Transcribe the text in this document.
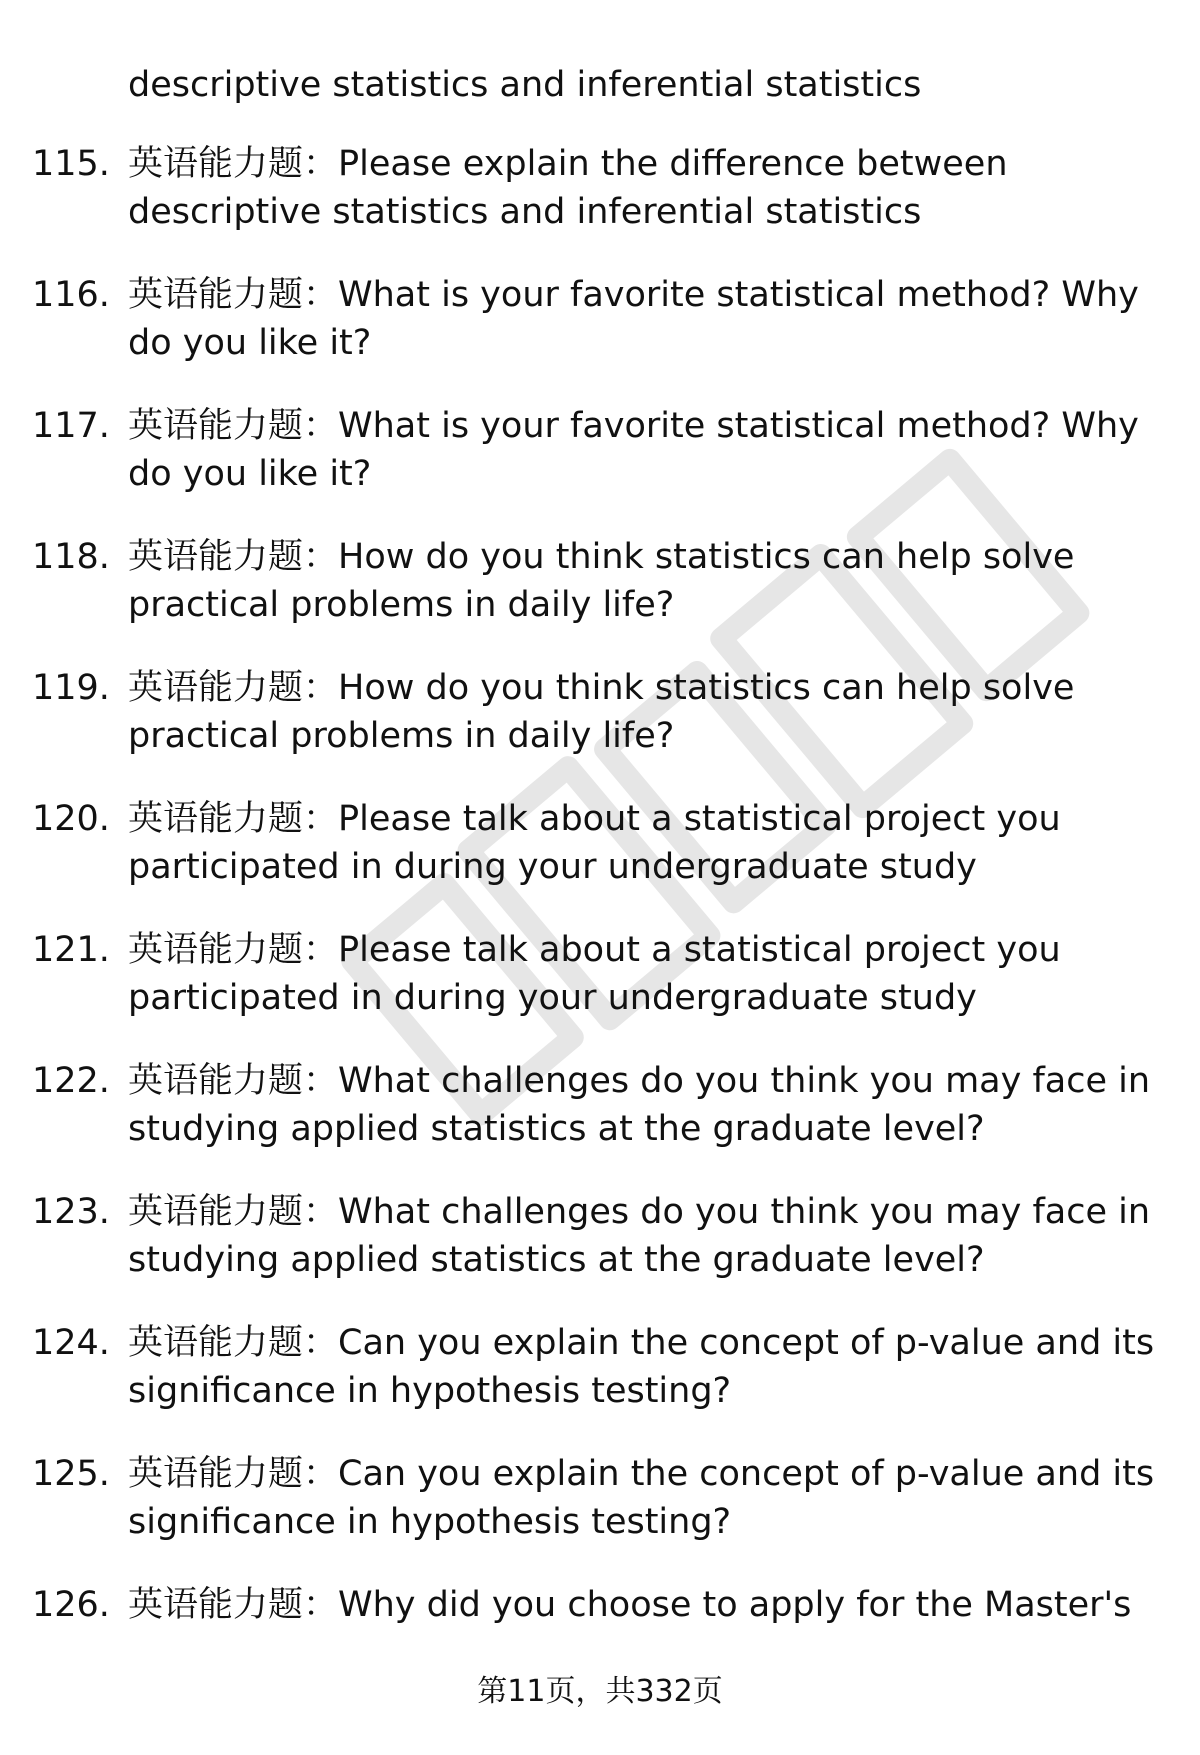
descriptive statistics and inferential statistics
115. 英语能力题：Please explain the difference between
descriptive statistics and inferential statistics
116. 英语能力题：What is your favorite statistical method? Why
do you like it?
117. 英语能力题：What is your favorite statistical method? Why
do you like it?
118. 英语能力题：How do you think statistics can help solve
practical problems in daily life?
119. 英语能力题：How do you think statistics can help solve
practical problems in daily life?
120. 英语能力题：Please talk about a statistical project you
participated in during your undergraduate study
121. 英语能力题：Please talk about a statistical project you
participated in during your undergraduate study
122. 英语能力题：What challenges do you think you may face in
studying applied statistics at the graduate level?
123. 英语能力题：What challenges do you think you may face in
studying applied statistics at the graduate level?
124. 英语能力题：Can you explain the concept of p-value and its
significance in hypothesis testing?
125. 英语能力题：Can you explain the concept of p-value and its
significance in hypothesis testing?
126. 英语能力题：Why did you choose to apply for the Master's
第11页，共332页
